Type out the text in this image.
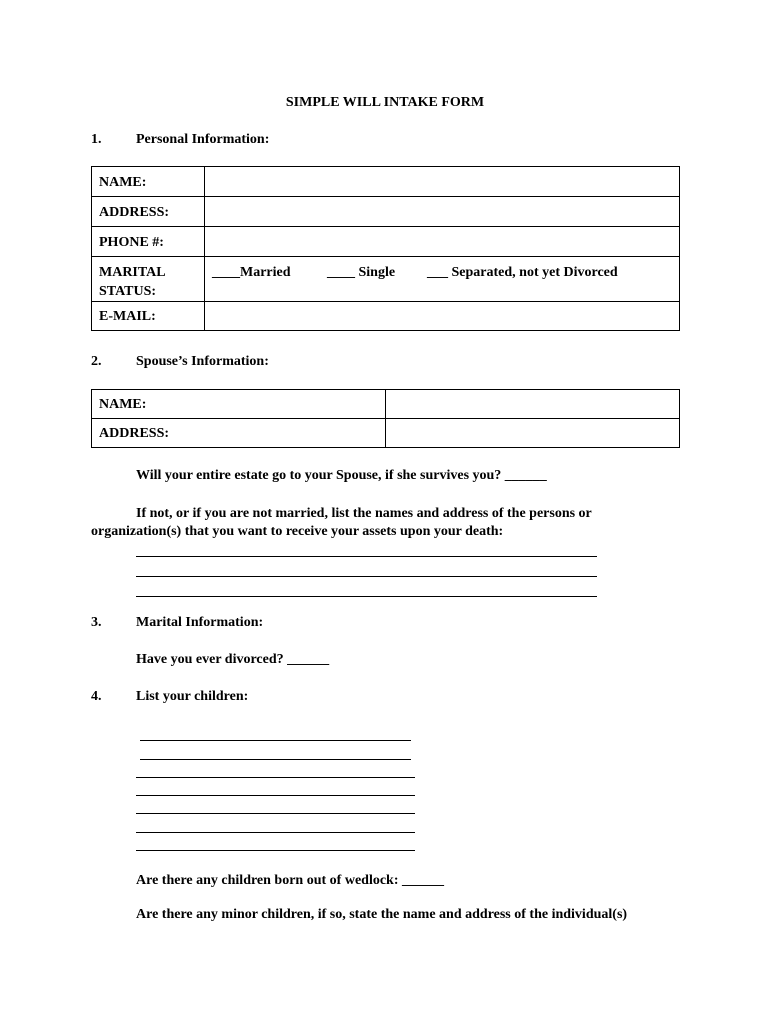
SIMPLE WILL INTAKE FORM
1. Personal Information:
NAME:	
ADDRESS:	
PHONE #:	
MARITAL
STATUS:	____Married ____ Single ___ Separated, not yet Divorced
E-MAIL:	
2. Spouse’s Information:
NAME:	
ADDRESS:	
Will your entire estate go to your Spouse, if she survives you? ______
If not, or if you are not married, list the names and address of the persons or
organization(s) that you want to receive your assets upon your death:
3. Marital Information:
Have you ever divorced? ______
4. List your children:
Are there any children born out of wedlock: ______
Are there any minor children, if so, state the name and address of the individual(s)
